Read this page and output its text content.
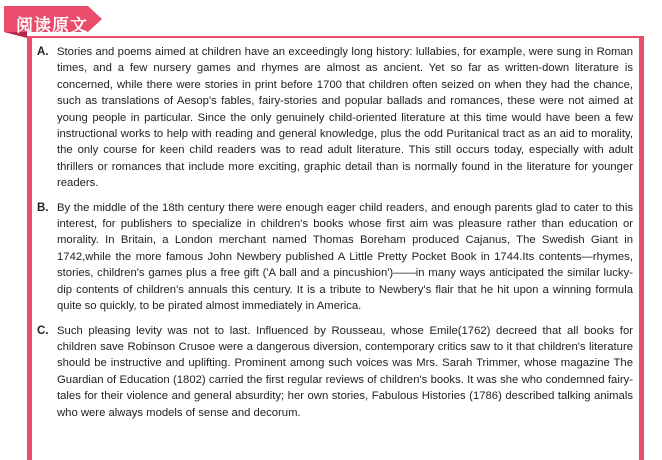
阅读原文
A. Stories and poems aimed at children have an exceedingly long history: lullabies, for example, were sung in Roman times, and a few nursery games and rhymes are almost as ancient. Yet so far as written-down literature is concerned, while there were stories in print before 1700 that children often seized on when they had the chance, such as translations of Aesop's fables, fairy-stories and popular ballads and romances, these were not aimed at young people in particular. Since the only genuinely child-oriented literature at this time would have been a few instructional works to help with reading and general knowledge, plus the odd Puritanical tract as an aid to morality, the only course for keen child readers was to read adult literature. This still occurs today, especially with adult thrillers or romances that include more exciting, graphic detail than is normally found in the literature for younger readers.
B. By the middle of the 18th century there were enough eager child readers, and enough parents glad to cater to this interest, for publishers to specialize in children's books whose first aim was pleasure rather than education or morality. In Britain, a London merchant named Thomas Boreham produced Cajanus, The Swedish Giant in 1742,while the more famous John Newbery published A Little Pretty Pocket Book in 1744.Its contents—rhymes, stories, children's games plus a free gift ('A ball and a pincushion')——in many ways anticipated the similar lucky-dip contents of children's annuals this century. It is a tribute to Newbery's flair that he hit upon a winning formula quite so quickly, to be pirated almost immediately in America.
C. Such pleasing levity was not to last. Influenced by Rousseau, whose Emile(1762) decreed that all books for children save Robinson Crusoe were a dangerous diversion, contemporary critics saw to it that children's literature should be instructive and uplifting. Prominent among such voices was Mrs. Sarah Trimmer, whose magazine The Guardian of Education (1802) carried the first regular reviews of children's books. It was she who condemned fairy-tales for their violence and general absurdity; her own stories, Fabulous Histories (1786) described talking animals who were always models of sense and decorum.
